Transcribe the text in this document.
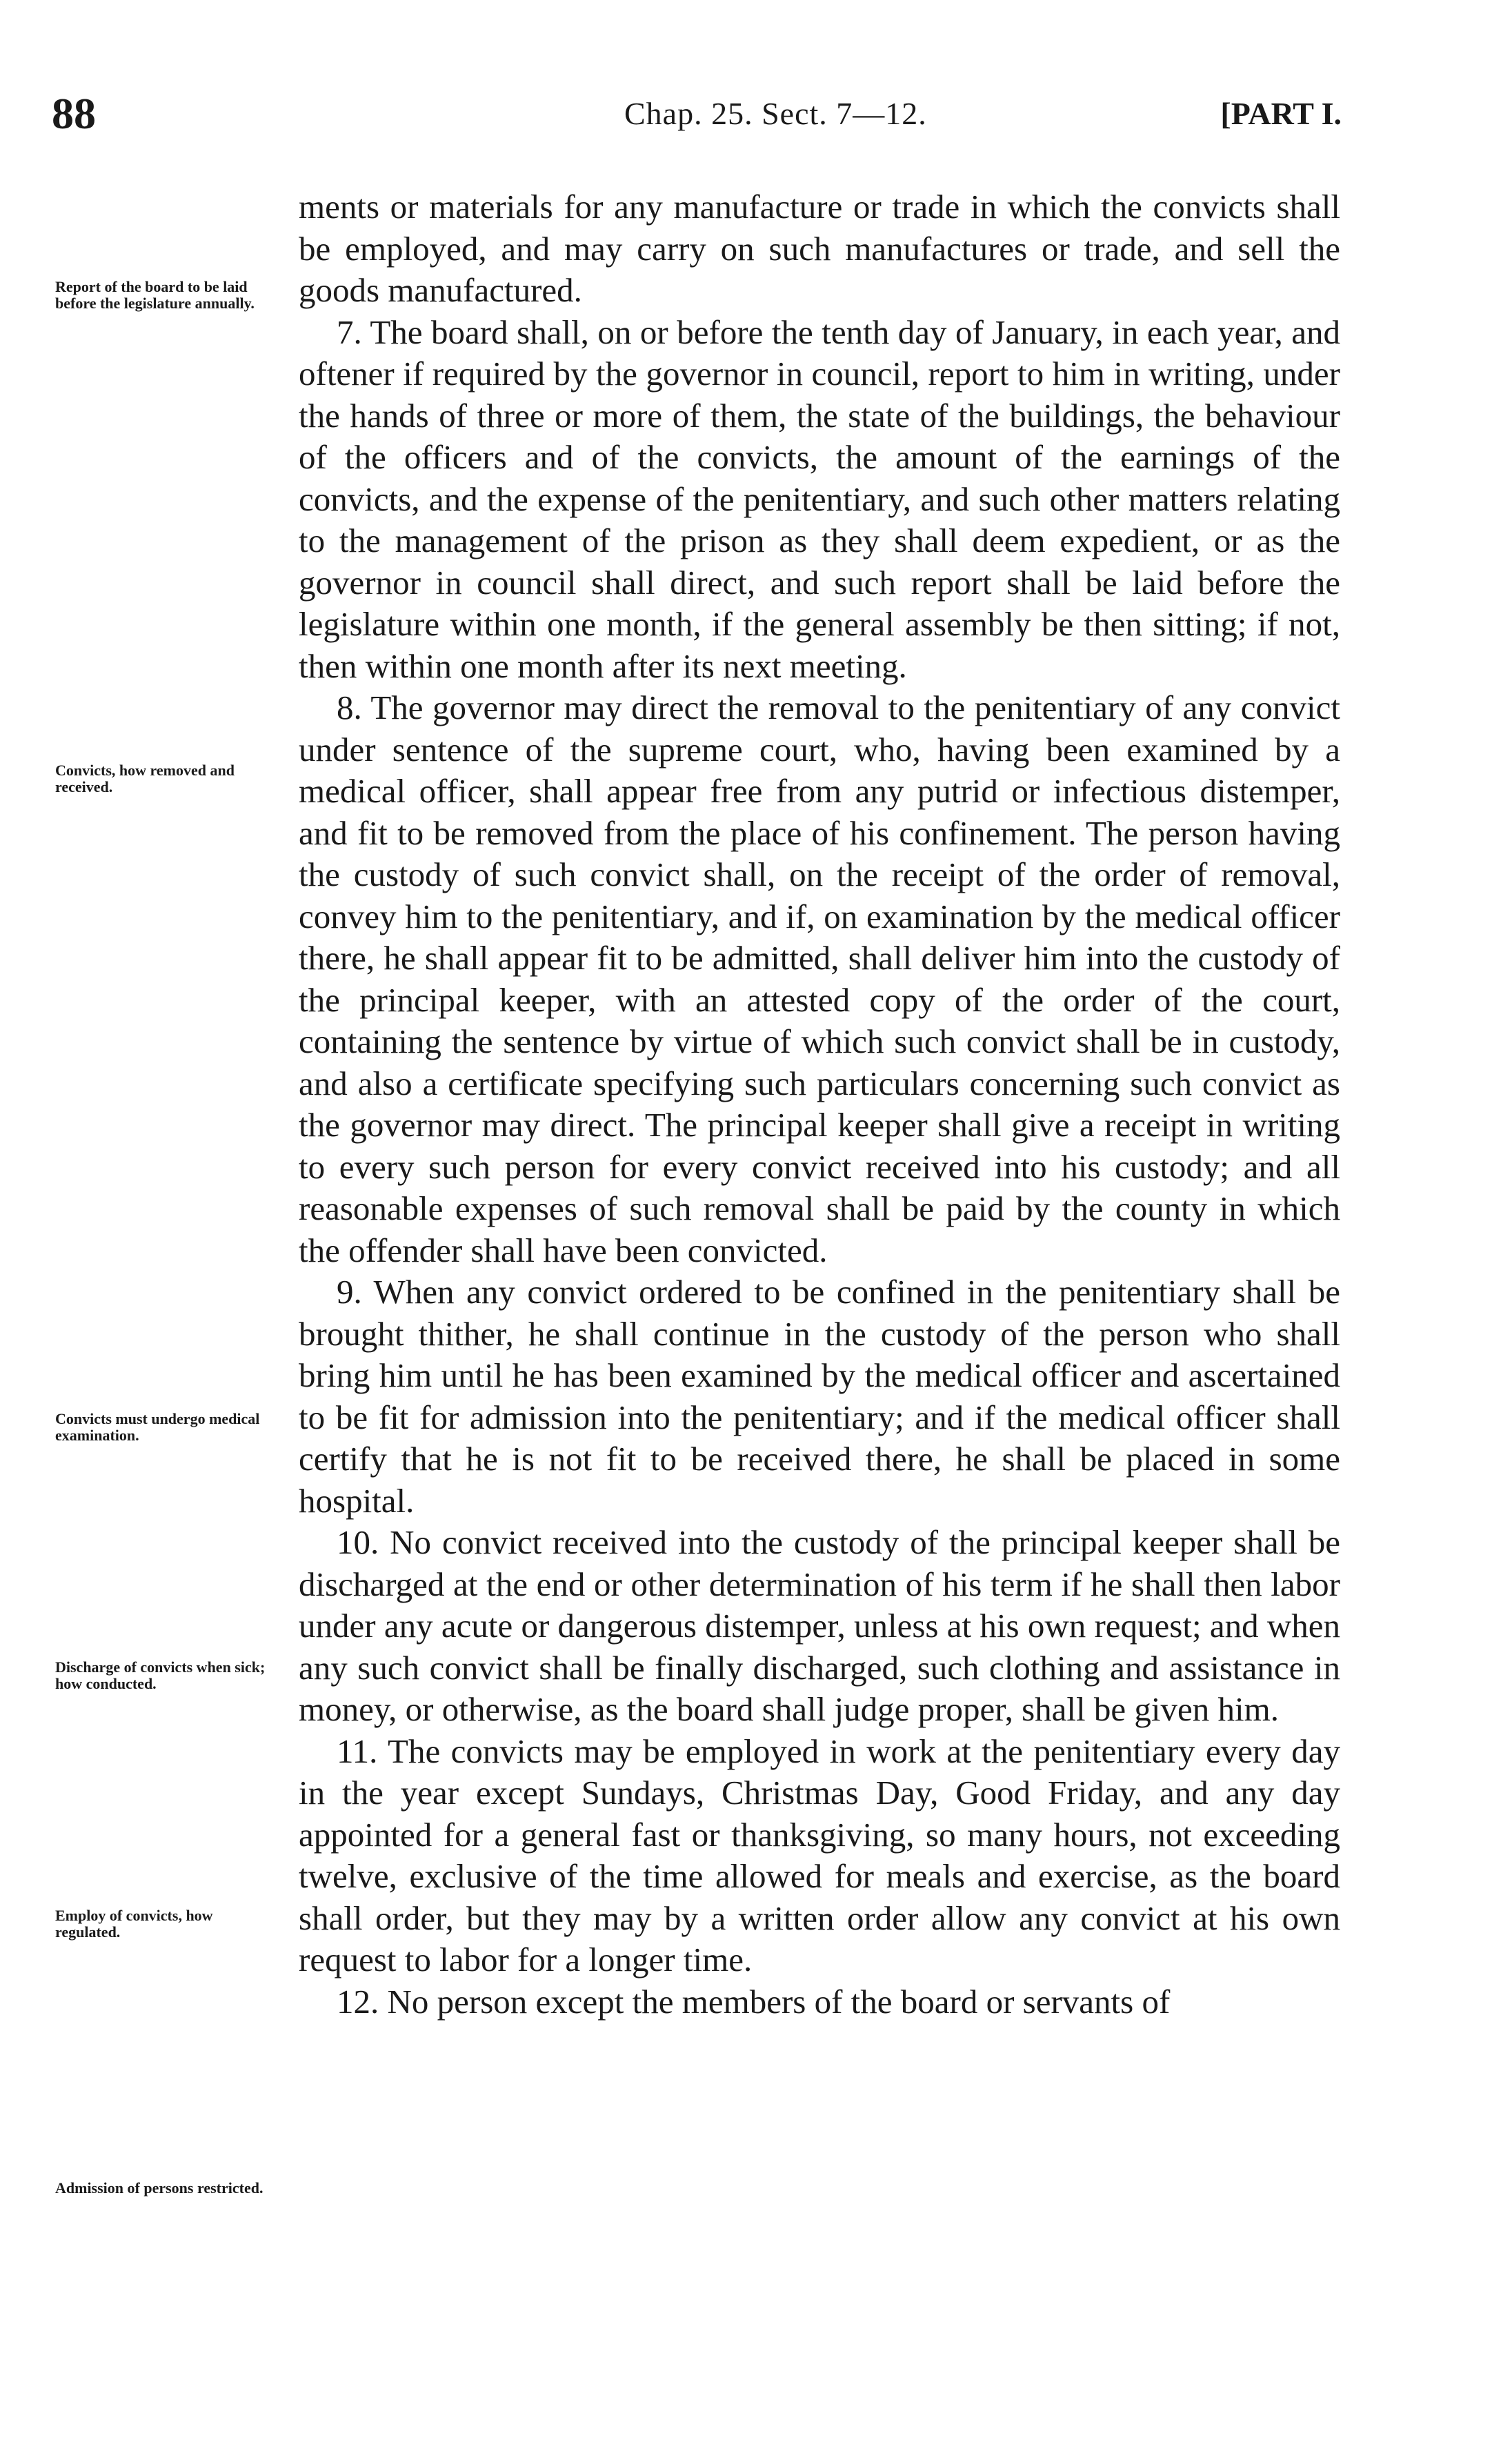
88	Chap. 25. Sect. 7—12.	[PART I.
Report of the board to be laid before the legislature annually.
Convicts, how removed and received.
Convicts must undergo medical examination.
Discharge of convicts when sick; how conducted.
Employ of convicts, how regulated.
Admission of persons restricted.

ments or materials for any manufacture or trade in which the convicts shall be employed, and may carry on such manufactures or trade, and sell the goods manufactured.

7. The board shall, on or before the tenth day of January, in each year, and oftener if required by the governor in council, report to him in writing, under the hands of three or more of them, the state of the buildings, the behaviour of the officers and of the convicts, the amount of the earnings of the convicts, and the expense of the penitentiary, and such other matters relating to the management of the prison as they shall deem expedient, or as the governor in council shall direct, and such report shall be laid before the legislature within one month, if the general assembly be then sitting; if not, then within one month after its next meeting.

8. The governor may direct the removal to the penitentiary of any convict under sentence of the supreme court, who, having been examined by a medical officer, shall appear free from any putrid or infectious distemper, and fit to be removed from the place of his confinement. The person having the custody of such convict shall, on the receipt of the order of removal, convey him to the penitentiary, and if, on examination by the medical officer there, he shall appear fit to be admitted, shall deliver him into the custody of the principal keeper, with an attested copy of the order of the court, containing the sentence by virtue of which such convict shall be in custody, and also a certificate specifying such particulars concerning such convict as the governor may direct. The principal keeper shall give a receipt in writing to every such person for every convict received into his custody; and all reasonable expenses of such removal shall be paid by the county in which the offender shall have been convicted.

9. When any convict ordered to be confined in the penitentiary shall be brought thither, he shall continue in the custody of the person who shall bring him until he has been examined by the medical officer and ascertained to be fit for admission into the penitentiary; and if the medical officer shall certify that he is not fit to be received there, he shall be placed in some hospital.

10. No convict received into the custody of the principal keeper shall be discharged at the end or other determination of his term if he shall then labor under any acute or dangerous distemper, unless at his own request; and when any such convict shall be finally discharged, such clothing and assistance in money, or otherwise, as the board shall judge proper, shall be given him.

11. The convicts may be employed in work at the penitentiary every day in the year except Sundays, Christmas Day, Good Friday, and any day appointed for a general fast or thanksgiving, so many hours, not exceeding twelve, exclusive of the time allowed for meals and exercise, as the board shall order, but they may by a written order allow any convict at his own request to labor for a longer time.

12. No person except the members of the board or servants of
